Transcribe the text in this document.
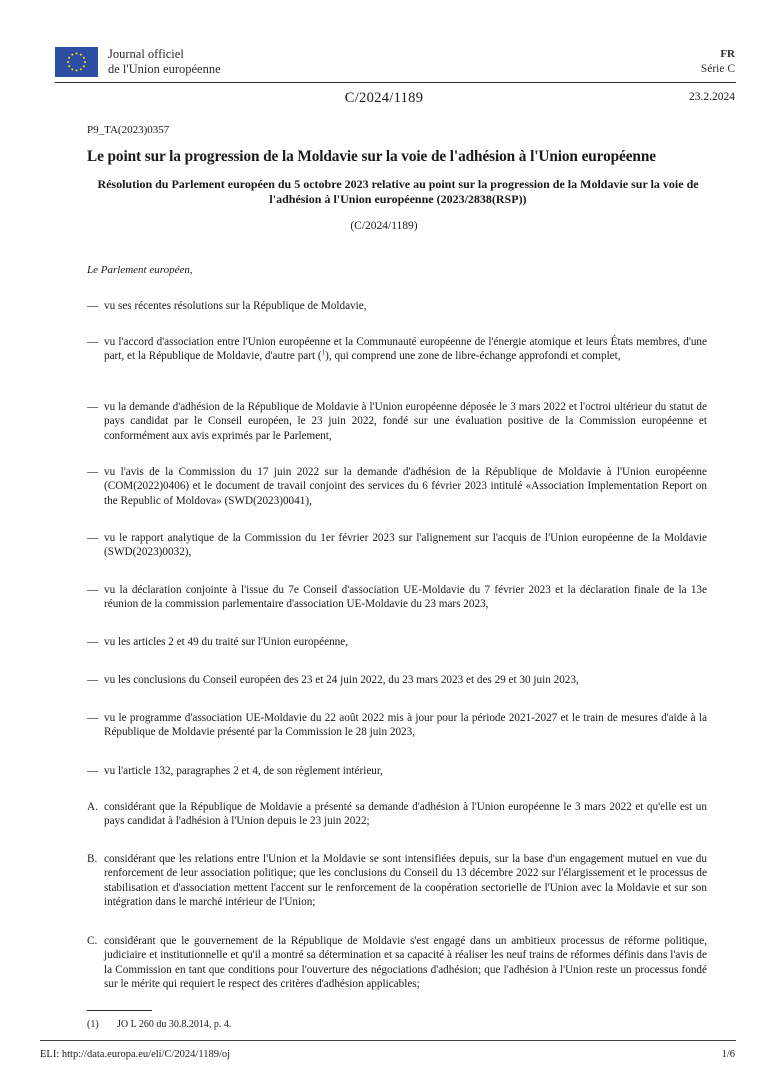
Journal officiel
de l'Union européenne
FR
Série C
C/2024/1189	23.2.2024
P9_TA(2023)0357
Le point sur la progression de la Moldavie sur la voie de l'adhésion à l'Union européenne
Résolution du Parlement européen du 5 octobre 2023 relative au point sur la progression de la Moldavie sur la voie de l'adhésion à l'Union européenne (2023/2838(RSP))
(C/2024/1189)
Le Parlement européen,
— vu ses récentes résolutions sur la République de Moldavie,
— vu l'accord d'association entre l'Union européenne et la Communauté européenne de l'énergie atomique et leurs États membres, d'une part, et la République de Moldavie, d'autre part ($^1$), qui comprend une zone de libre-échange approfondi et complet,
— vu la demande d'adhésion de la République de Moldavie à l'Union européenne déposée le 3 mars 2022 et l'octroi ultérieur du statut de pays candidat par le Conseil européen, le 23 juin 2022, fondé sur une évaluation positive de la Commission européenne et conformément aux avis exprimés par le Parlement,
— vu l'avis de la Commission du 17 juin 2022 sur la demande d'adhésion de la République de Moldavie à l'Union européenne (COM(2022)0406) et le document de travail conjoint des services du 6 février 2023 intitulé «Association Implementation Report on the Republic of Moldova» (SWD(2023)0041),
— vu le rapport analytique de la Commission du 1er février 2023 sur l'alignement sur l'acquis de l'Union européenne de la Moldavie (SWD(2023)0032),
— vu la déclaration conjointe à l'issue du 7e Conseil d'association UE-Moldavie du 7 février 2023 et la déclaration finale de la 13e réunion de la commission parlementaire d'association UE-Moldavie du 23 mars 2023,
— vu les articles 2 et 49 du traité sur l'Union européenne,
— vu les conclusions du Conseil européen des 23 et 24 juin 2022, du 23 mars 2023 et des 29 et 30 juin 2023,
— vu le programme d'association UE-Moldavie du 22 août 2022 mis à jour pour la période 2021-2027 et le train de mesures d'aide à la République de Moldavie présenté par la Commission le 28 juin 2023,
— vu l'article 132, paragraphes 2 et 4, de son règlement intérieur,
A. considérant que la République de Moldavie a présenté sa demande d'adhésion à l'Union européenne le 3 mars 2022 et qu'elle est un pays candidat à l'adhésion à l'Union depuis le 23 juin 2022;
B. considérant que les relations entre l'Union et la Moldavie se sont intensifiées depuis, sur la base d'un engagement mutuel en vue du renforcement de leur association politique; que les conclusions du Conseil du 13 décembre 2022 sur l'élargissement et le processus de stabilisation et d'association mettent l'accent sur le renforcement de la coopération sectorielle de l'Union avec la Moldavie et sur son intégration dans le marché intérieur de l'Union;
C. considérant que le gouvernement de la République de Moldavie s'est engagé dans un ambitieux processus de réforme politique, judiciaire et institutionnelle et qu'il a montré sa détermination et sa capacité à réaliser les neuf trains de réformes définis dans l'avis de la Commission en tant que conditions pour l'ouverture des négociations d'adhésion; que l'adhésion à l'Union reste un processus fondé sur le mérite qui requiert le respect des critères d'adhésion applicables;
(1) JO L 260 du 30.8.2014, p. 4.
ELI: http://data.europa.eu/eli/C/2024/1189/oj	1/6
